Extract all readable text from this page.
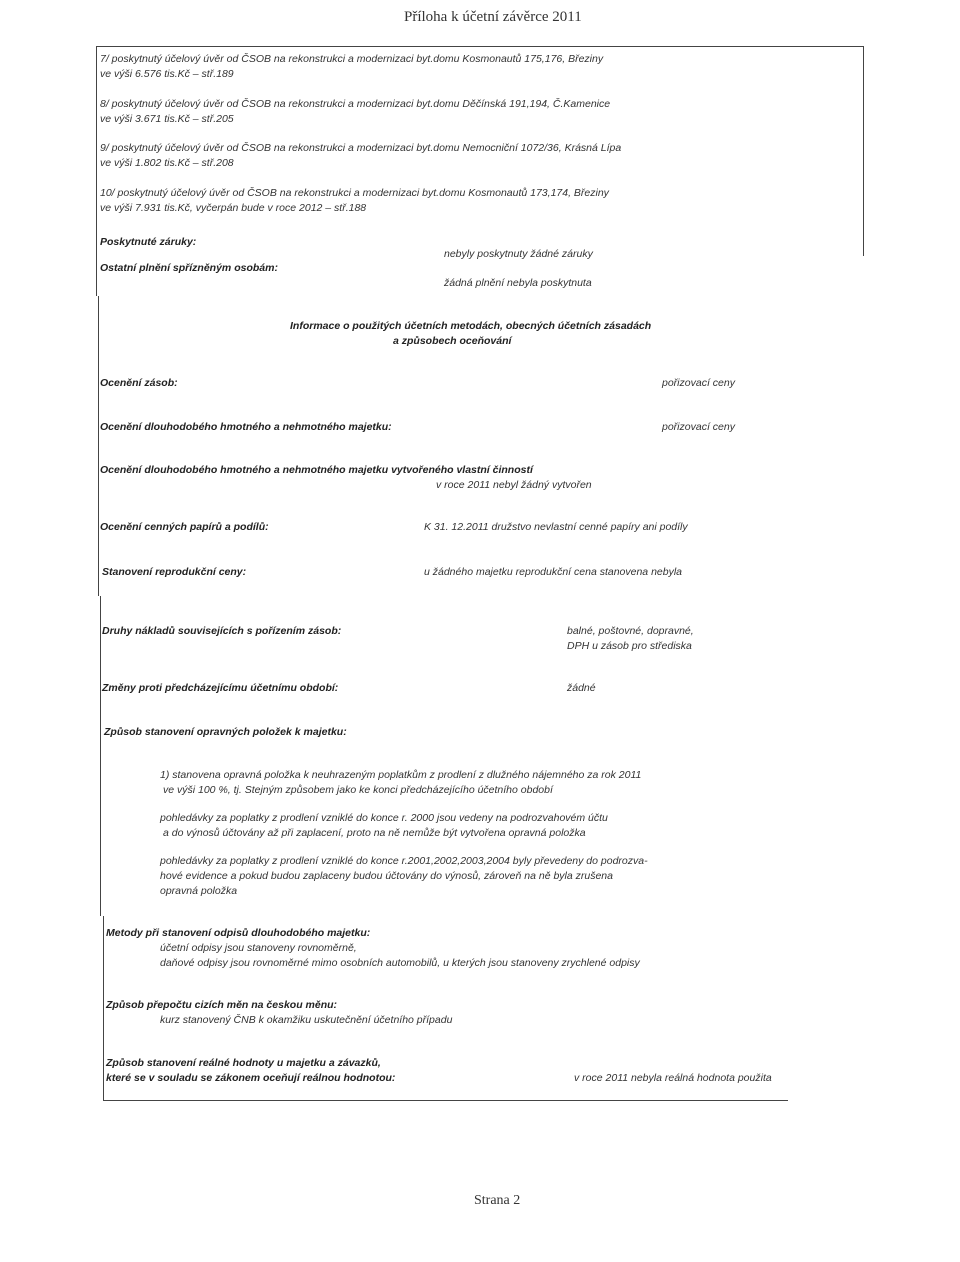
Příloha k účetní závěrce 2011
7/ poskytnutý účelový úvěr od ČSOB na rekonstrukci a modernizaci byt.domu Kosmonautů 175,176, Březiny
ve výši 6.576 tis.Kč – stř.189
8/ poskytnutý účelový úvěr od ČSOB na rekonstrukci a modernizaci byt.domu Děčínská 191,194, Č.Kamenice
ve výši 3.671 tis.Kč – stř.205
9/ poskytnutý účelový úvěr od ČSOB na rekonstrukci a modernizaci byt.domu Nemocniční 1072/36, Krásná Lípa
ve výši 1.802 tis.Kč – stř.208
10/ poskytnutý účelový úvěr od ČSOB na rekonstrukci a modernizaci byt.domu Kosmonautů 173,174, Březiny
ve výši 7.931 tis.Kč, vyčerpán bude v roce 2012 – stř.188
Poskytnuté záruky:
nebyly poskytnuty žádné záruky
Ostatní plnění spřízněným osobám:
žádná plnění nebyla poskytnuta
Informace o použitých účetních metodách, obecných účetních zásadách
a způsobech oceňování
Ocenění zásob:	pořizovací ceny
Ocenění dlouhodobého hmotného a nehmotného majetku:	pořizovací ceny
Ocenění dlouhodobého hmotného a nehmotného majetku vytvořeného vlastní činností
v roce 2011 nebyl žádný vytvořen
Ocenění cenných papírů a podílů:	K 31. 12.2011 družstvo nevlastní cenné papíry ani podíly
Stanovení reprodukční ceny:	u žádného majetku reprodukční cena stanovena nebyla
Druhy nákladů souvisejících s pořízením zásob:	balné, poštovné, dopravné,
DPH u zásob pro střediska
Změny proti předcházejícímu účetnímu období:	žádné
Způsob stanovení opravných položek k majetku:
1) stanovena opravná položka k neuhrazeným poplatkům z prodlení z dlužného nájemného za rok 2011
ve výši 100 %, tj. Stejným způsobem jako ke konci předcházejícího účetního období
pohledávky za poplatky z prodlení vzniklé do konce r. 2000 jsou vedeny na podrozvahovém účtu
a do výnosů účtovány až při zaplacení, proto na ně nemůže být vytvořena opravná položka
pohledávky za poplatky z prodlení vzniklé do konce r.2001,2002,2003,2004 byly převedeny do podrozva-
hové evidence a pokud budou zaplaceny budou účtovány do výnosů, zároveň na ně byla zrušena
opravná položka
Metody při stanovení odpisů dlouhodobého majetku:
účetní odpisy jsou stanoveny rovnoměrně,
daňové odpisy jsou rovnoměrné mimo osobních automobilů, u kterých jsou stanoveny zrychlené odpisy
Způsob přepočtu cizích měn na českou měnu:
kurz stanovený ČNB k okamžiku uskutečnění účetního případu
Způsob stanovení reálné hodnoty u majetku a závazků,
které se v souladu se zákonem oceňují reálnou hodnotou:	v roce 2011 nebyla reálná hodnota použita
Strana 2
